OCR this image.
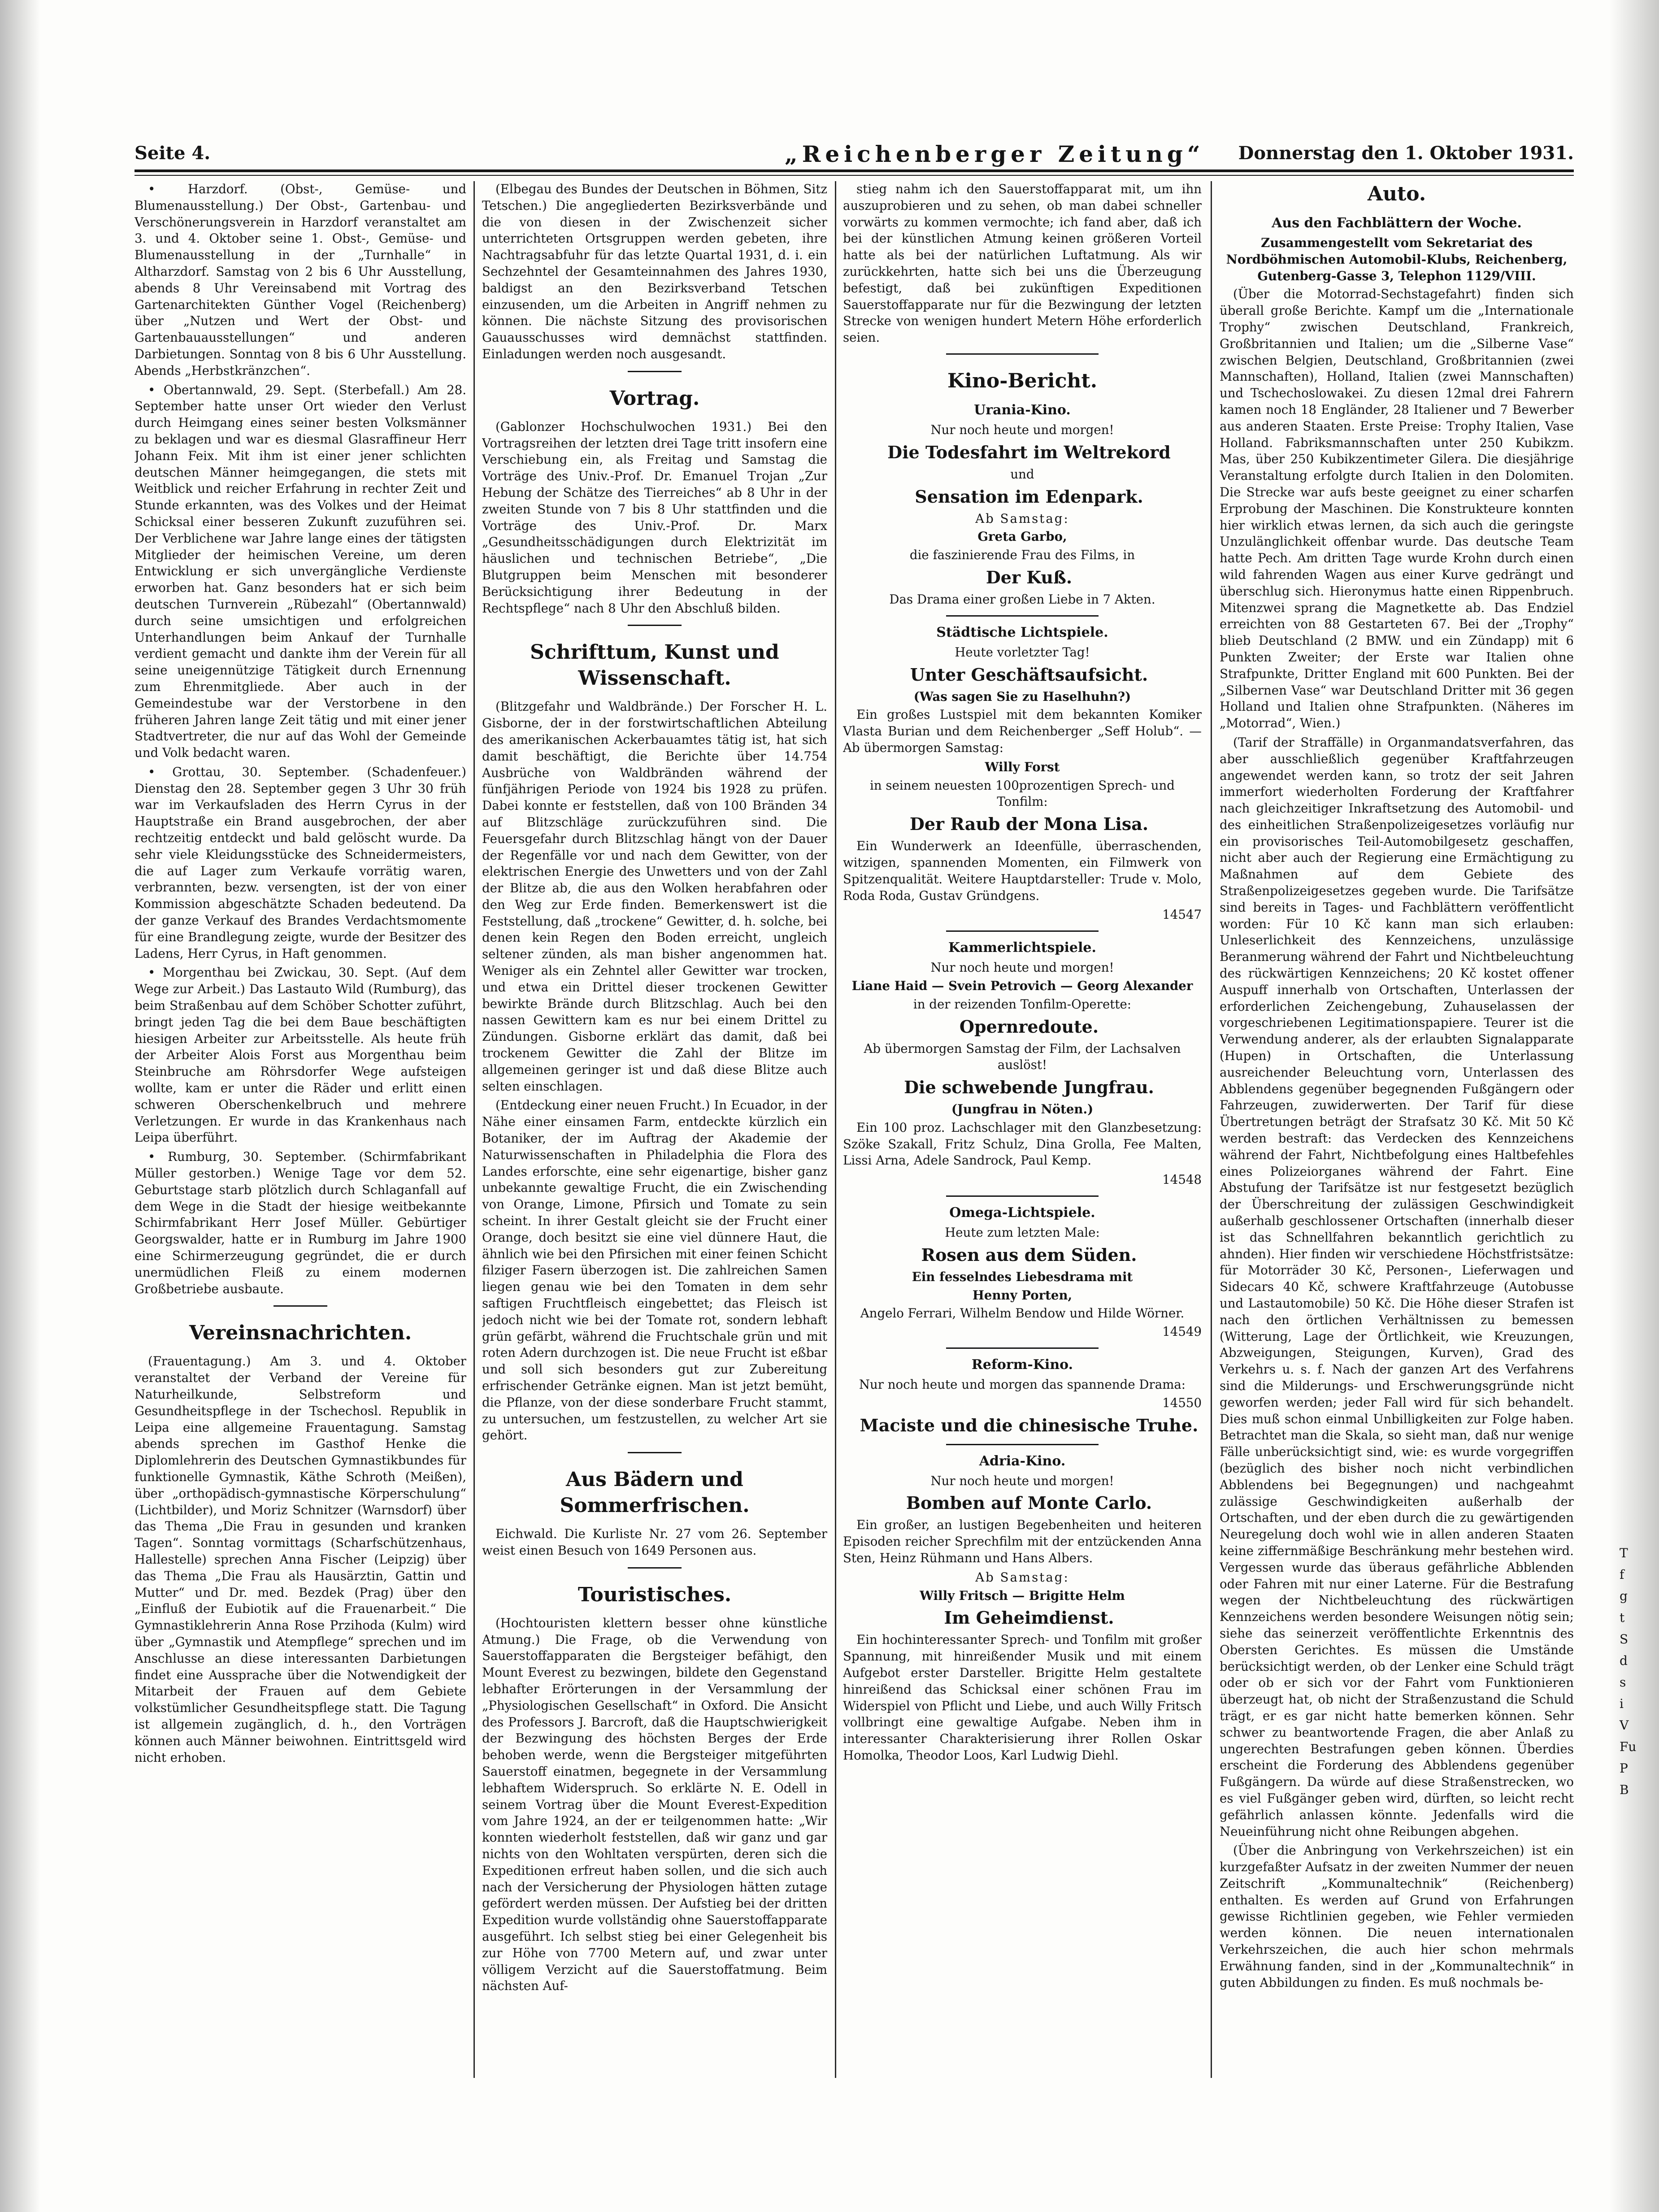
Seite 4.	„Reichenberger Zeitung“ Donnerstag den 1. Oktober 1931.

• Harzdorf. (Obst-, Gemüse- und Blumenausstellung.) Der Obst-, Gartenbau- und Verschönerungsverein in Harzdorf veranstaltet am 3. und 4. Oktober seine 1. Obst-, Gemüse- und Blumenausstellung in der „Turnhalle“ in Altharzdorf. Samstag von 2 bis 6 Uhr Ausstellung, abends 8 Uhr Vereinsabend mit Vortrag des Gartenarchitekten Günther Vogel (Reichenberg) über „Nutzen und Wert der Obst- und Gartenbauausstellungen“ und anderen Darbietungen. Sonntag von 8 bis 6 Uhr Ausstellung. Abends „Herbstkränzchen“.

• Obertannwald, 29. Sept. (Sterbefall.) Am 28. September hatte unser Ort wieder den Verlust durch Heimgang eines seiner besten Volksmänner zu beklagen und war es diesmal Glasraffineur Herr Johann Feix. Mit ihm ist einer jener schlichten deutschen Männer heimgegangen, die stets mit Weitblick und reicher Erfahrung in rechter Zeit und Stunde erkannten, was des Volkes und der Heimat Schicksal einer besseren Zukunft zuzuführen sei. Der Verblichene war Jahre lange eines der tätigsten Mitglieder der heimischen Vereine, um deren Entwicklung er sich unvergängliche Verdienste erworben hat. Ganz besonders hat er sich beim deutschen Turnverein „Rübezahl“ (Obertannwald) durch seine umsichtigen und erfolgreichen Unterhandlungen beim Ankauf der Turnhalle verdient gemacht und dankte ihm der Verein für all seine uneigennützige Tätigkeit durch Ernennung zum Ehrenmitgliede. Aber auch in der Gemeindestube war der Verstorbene in den früheren Jahren lange Zeit tätig und mit einer jener Stadtvertreter, die nur auf das Wohl der Gemeinde und Volk bedacht waren.

• Grottau, 30. September. (Schadenfeuer.) Dienstag den 28. September gegen 3 Uhr 30 früh war im Verkaufsladen des Herrn Cyrus in der Hauptstraße ein Brand ausgebrochen, der aber rechtzeitig entdeckt und bald gelöscht wurde. Da sehr viele Kleidungsstücke des Schneidermeisters, die auf Lager zum Verkaufe vorrätig waren, verbrannten, bezw. versengten, ist der von einer Kommission abgeschätzte Schaden bedeutend. Da der ganze Verkauf des Brandes Verdachtsmomente für eine Brandlegung zeigte, wurde der Besitzer des Ladens, Herr Cyrus, in Haft genommen.

• Morgenthau bei Zwickau, 30. Sept. (Auf dem Wege zur Arbeit.) Das Lastauto Wild (Rumburg), das beim Straßenbau auf dem Schöber Schotter zuführt, bringt jeden Tag die bei dem Baue beschäftigten hiesigen Arbeiter zur Arbeitsstelle. Als heute früh der Arbeiter Alois Forst aus Morgenthau beim Steinbruche am Röhrsdorfer Wege aufsteigen wollte, kam er unter die Räder und erlitt einen schweren Oberschenkelbruch und mehrere Verletzungen. Er wurde in das Krankenhaus nach Leipa überführt.

• Rumburg, 30. September. (Schirmfabrikant Müller gestorben.) Wenige Tage vor dem 52. Geburtstage starb plötzlich durch Schlaganfall auf dem Wege in die Stadt der hiesige weitbekannte Schirmfabrikant Herr Josef Müller. Gebürtiger Georgswalder, hatte er in Rumburg im Jahre 1900 eine Schirmerzeugung gegründet, die er durch unermüdlichen Fleiß zu einem modernen Großbetriebe ausbaute.

Vereinsnachrichten.

(Frauentagung.) Am 3. und 4. Oktober veranstaltet der Verband der Vereine für Naturheilkunde, Selbstreform und Gesundheitspflege in der Tschechosl. Republik in Leipa eine allgemeine Frauentagung. Samstag abends sprechen im Gasthof Henke die Diplomlehrerin des Deutschen Gymnastikbundes für funktionelle Gymnastik, Käthe Schroth (Meißen), über „orthopädisch-gymnastische Körperschulung“ (Lichtbilder), und Moriz Schnitzer (Warnsdorf) über das Thema „Die Frau in gesunden und kranken Tagen“. Sonntag vormittags (Scharfschützenhaus, Hallestelle) sprechen Anna Fischer (Leipzig) über das Thema „Die Frau als Hausärztin, Gattin und Mutter“ und Dr. med. Bezdek (Prag) über den „Einfluß der Eubiotik auf die Frauenarbeit.“ Die Gymnastiklehrerin Anna Rose Przihoda (Kulm) wird über „Gymnastik und Atempflege“ sprechen und im Anschlusse an diese interessanten Darbietungen findet eine Aussprache über die Notwendigkeit der Mitarbeit der Frauen auf dem Gebiete volkstümlicher Gesundheitspflege statt. Die Tagung ist allgemein zugänglich, d. h., den Vorträgen können auch Männer beiwohnen. Eintrittsgeld wird nicht erhoben.

(Elbegau des Bundes der Deutschen in Böhmen, Sitz Tetschen.) Die angegliederten Bezirksverbände und die von diesen in der Zwischenzeit sicher unterrichteten Ortsgruppen werden gebeten, ihre Nachtragsabfuhr für das letzte Quartal 1931, d. i. ein Sechzehntel der Gesamteinnahmen des Jahres 1930, baldigst an den Bezirksverband Tetschen einzusenden, um die Arbeiten in Angriff nehmen zu können. Die nächste Sitzung des provisorischen Gauausschusses wird demnächst stattfinden. Einladungen werden noch ausgesandt.

Vortrag.

(Gablonzer Hochschulwochen 1931.) Bei den Vortragsreihen der letzten drei Tage tritt insofern eine Verschiebung ein, als Freitag und Samstag die Vorträge des Univ.-Prof. Dr. Emanuel Trojan „Zur Hebung der Schätze des Tierreiches“ ab 8 Uhr in der zweiten Stunde von 7 bis 8 Uhr stattfinden und die Vorträge des Univ.-Prof. Dr. Marx „Gesundheitsschädigungen durch Elektrizität im häuslichen und technischen Betriebe“, „Die Blutgruppen beim Menschen mit besonderer Berücksichtigung ihrer Bedeutung in der Rechtspflege“ nach 8 Uhr den Abschluß bilden.

Schrifttum, Kunst und Wissenschaft.

(Blitzgefahr und Waldbrände.) Der Forscher H. L. Gisborne, der in der forstwirtschaftlichen Abteilung des amerikanischen Ackerbauamtes tätig ist, hat sich damit beschäftigt, die Berichte über 14.754 Ausbrüche von Waldbränden während der fünfjährigen Periode von 1924 bis 1928 zu prüfen. Dabei konnte er feststellen, daß von 100 Bränden 34 auf Blitzschläge zurückzuführen sind. Die Feuersgefahr durch Blitzschlag hängt von der Dauer der Regenfälle vor und nach dem Gewitter, von der elektrischen Energie des Unwetters und von der Zahl der Blitze ab, die aus den Wolken herabfahren oder den Weg zur Erde finden. Bemerkenswert ist die Feststellung, daß „trockene“ Gewitter, d. h. solche, bei denen kein Regen den Boden erreicht, ungleich seltener zünden, als man bisher angenommen hat. Weniger als ein Zehntel aller Gewitter war trocken, und etwa ein Drittel dieser trockenen Gewitter bewirkte Brände durch Blitzschlag. Auch bei den nassen Gewittern kam es nur bei einem Drittel zu Zündungen. Gisborne erklärt das damit, daß bei trockenem Gewitter die Zahl der Blitze im allgemeinen geringer ist und daß diese Blitze auch selten einschlagen.

(Entdeckung einer neuen Frucht.) In Ecuador, in der Nähe einer einsamen Farm, entdeckte kürzlich ein Botaniker, der im Auftrag der Akademie der Naturwissenschaften in Philadelphia die Flora des Landes erforschte, eine sehr eigenartige, bisher ganz unbekannte gewaltige Frucht, die ein Zwischending von Orange, Limone, Pfirsich und Tomate zu sein scheint. In ihrer Gestalt gleicht sie der Frucht einer Orange, doch besitzt sie eine viel dünnere Haut, die ähnlich wie bei den Pfirsichen mit einer feinen Schicht filziger Fasern überzogen ist. Die zahlreichen Samen liegen genau wie bei den Tomaten in dem sehr saftigen Fruchtfleisch eingebettet; das Fleisch ist jedoch nicht wie bei der Tomate rot, sondern lebhaft grün gefärbt, während die Fruchtschale grün und mit roten Adern durchzogen ist. Die neue Frucht ist eßbar und soll sich besonders gut zur Zubereitung erfrischender Getränke eignen. Man ist jetzt bemüht, die Pflanze, von der diese sonderbare Frucht stammt, zu untersuchen, um festzustellen, zu welcher Art sie gehört.

Aus Bädern und Sommerfrischen.

Eichwald. Die Kurliste Nr. 27 vom 26. September weist einen Besuch von 1649 Personen aus.

Touristisches.

(Hochtouristen klettern besser ohne künstliche Atmung.) Die Frage, ob die Verwendung von Sauerstoffapparaten die Bergsteiger befähigt, den Mount Everest zu bezwingen, bildete den Gegenstand lebhafter Erörterungen in der Versammlung der „Physiologischen Gesellschaft“ in Oxford. Die Ansicht des Professors J. Barcroft, daß die Hauptschwierigkeit der Bezwingung des höchsten Berges der Erde behoben werde, wenn die Bergsteiger mitgeführten Sauerstoff einatmen, begegnete in der Versammlung lebhaftem Widerspruch. So erklärte N. E. Odell in seinem Vortrag über die Mount Everest-Expedition vom Jahre 1924, an der er teilgenommen hatte: „Wir konnten wiederholt feststellen, daß wir ganz und gar nichts von den Wohltaten verspürten, deren sich die Expeditionen erfreut haben sollen, und die sich auch nach der Versicherung der Physiologen hätten zutage gefördert werden müssen. Der Aufstieg bei der dritten Expedition wurde vollständig ohne Sauerstoffapparate ausgeführt. Ich selbst stieg bei einer Gelegenheit bis zur Höhe von 7700 Metern auf, und zwar unter völligem Verzicht auf die Sauerstoffatmung. Beim nächsten Auf-

stieg nahm ich den Sauerstoffapparat mit, um ihn auszuprobieren und zu sehen, ob man dabei schneller vorwärts zu kommen vermochte; ich fand aber, daß ich bei der künstlichen Atmung keinen größeren Vorteil hatte als bei der natürlichen Luftatmung. Als wir zurückkehrten, hatte sich bei uns die Überzeugung befestigt, daß bei zukünftigen Expeditionen Sauerstoffapparate nur für die Bezwingung der letzten Strecke von wenigen hundert Metern Höhe erforderlich seien.

Kino-Bericht.
Urania-Kino.

Nur noch heute und morgen!

Die Todesfahrt im Weltrekord

und

Sensation im Edenpark.

Ab Samstag:

Greta Garbo,

die faszinierende Frau des Films, in

Der Kuß.

Das Drama einer großen Liebe in 7 Akten.

Städtische Lichtspiele.

Heute vorletzter Tag!

Unter Geschäftsaufsicht.

(Was sagen Sie zu Haselhuhn?)

Ein großes Lustspiel mit dem bekannten Komiker Vlasta Burian und dem Reichenberger „Seff Holub“. — Ab übermorgen Samstag:

Willy Forst

in seinem neuesten 100prozentigen Sprech- und Tonfilm:

Der Raub der Mona Lisa.

Ein Wunderwerk an Ideenfülle, überraschenden, witzigen, spannenden Momenten, ein Filmwerk von Spitzenqualität. Weitere Hauptdarsteller: Trude v. Molo, Roda Roda, Gustav Gründgens.

14547
Kammerlichtspiele.

Nur noch heute und morgen!

Liane Haid — Svein Petrovich — Georg Alexander

in der reizenden Tonfilm-Operette:

Opernredoute.

Ab übermorgen Samstag der Film, der Lachsalven auslöst!

Die schwebende Jungfrau.

(Jungfrau in Nöten.)

Ein 100 proz. Lachschlager mit den Glanzbesetzung: Szöke Szakall, Fritz Schulz, Dina Grolla, Fee Malten, Lissi Arna, Adele Sandrock, Paul Kemp.

14548
Omega-Lichtspiele.

Heute zum letzten Male:

Rosen aus dem Süden.

Ein fesselndes Liebesdrama mit

Henny Porten,

Angelo Ferrari, Wilhelm Bendow und Hilde Wörner.

14549
Reform-Kino.

Nur noch heute und morgen das spannende Drama:

14550

Maciste und die chinesische Truhe.

Adria-Kino.

Nur noch heute und morgen!

Bomben auf Monte Carlo.

Ein großer, an lustigen Begebenheiten und heiteren Episoden reicher Sprechfilm mit der entzückenden Anna Sten, Heinz Rühmann und Hans Albers.

Ab Samstag:

Willy Fritsch — Brigitte Helm

Im Geheimdienst.

Ein hochinteressanter Sprech- und Tonfilm mit großer Spannung, mit hinreißender Musik und mit einem Aufgebot erster Darsteller. Brigitte Helm gestaltete hinreißend das Schicksal einer schönen Frau im Widerspiel von Pflicht und Liebe, und auch Willy Fritsch vollbringt eine gewaltige Aufgabe. Neben ihm in interessanter Charakterisierung ihrer Rollen Oskar Homolka, Theodor Loos, Karl Ludwig Diehl.

Auto.
Aus den Fachblättern der Woche.

Zusammengestellt vom Sekretariat des Nordböhmischen Automobil-Klubs, Reichenberg, Gutenberg-Gasse 3, Telephon 1129/VIII.

(Über die Motorrad-Sechstagefahrt) finden sich überall große Berichte. Kampf um die „Internationale Trophy“ zwischen Deutschland, Frankreich, Großbritannien und Italien; um die „Silberne Vase“ zwischen Belgien, Deutschland, Großbritannien (zwei Mannschaften), Holland, Italien (zwei Mannschaften) und Tschechoslowakei. Zu diesen 12mal drei Fahrern kamen noch 18 Engländer, 28 Italiener und 7 Bewerber aus anderen Staaten. Erste Preise: Trophy Italien, Vase Holland. Fabriksmannschaften unter 250 Kubikzm. Mas, über 250 Kubikzentimeter Gilera. Die diesjährige Veranstaltung erfolgte durch Italien in den Dolomiten. Die Strecke war aufs beste geeignet zu einer scharfen Erprobung der Maschinen. Die Konstrukteure konnten hier wirklich etwas lernen, da sich auch die geringste Unzulänglichkeit offenbar wurde. Das deutsche Team hatte Pech. Am dritten Tage wurde Krohn durch einen wild fahrenden Wagen aus einer Kurve gedrängt und überschlug sich. Hieronymus hatte einen Rippenbruch. Mitenzwei sprang die Magnetkette ab. Das Endziel erreichten von 88 Gestarteten 67. Bei der „Trophy“ blieb Deutschland (2 BMW. und ein Zündapp) mit 6 Punkten Zweiter; der Erste war Italien ohne Strafpunkte, Dritter England mit 600 Punkten. Bei der „Silbernen Vase“ war Deutschland Dritter mit 36 gegen Holland und Italien ohne Strafpunkten. (Näheres im „Motorrad“, Wien.)

(Tarif der Straffälle) in Organmandatsverfahren, das aber ausschließlich gegenüber Kraftfahrzeugen angewendet werden kann, so trotz der seit Jahren immerfort wiederholten Forderung der Kraftfahrer nach gleichzeitiger Inkraftsetzung des Automobil- und des einheitlichen Straßenpolizeigesetzes vorläufig nur ein provisorisches Teil-Automobilgesetz geschaffen, nicht aber auch der Regierung eine Ermächtigung zu Maßnahmen auf dem Gebiete des Straßenpolizeigesetzes gegeben wurde. Die Tarifsätze sind bereits in Tages- und Fachblättern veröffentlicht worden: Für 10 Kč kann man sich erlauben: Unleserlichkeit des Kennzeichens, unzulässige Beranmerung während der Fahrt und Nichtbeleuchtung des rückwärtigen Kennzeichens; 20 Kč kostet offener Auspuff innerhalb von Ortschaften, Unterlassen der erforderlichen Zeichengebung, Zuhauselassen der vorgeschriebenen Legitimationspapiere. Teurer ist die Verwendung anderer, als der erlaubten Signalapparate (Hupen) in Ortschaften, die Unterlassung ausreichender Beleuchtung vorn, Unterlassen des Abblendens gegenüber begegnenden Fußgängern oder Fahrzeugen, zuwiderwerten. Der Tarif für diese Übertretungen beträgt der Strafsatz 30 Kč. Mit 50 Kč werden bestraft: das Verdecken des Kennzeichens während der Fahrt, Nichtbefolgung eines Haltbefehles eines Polizeiorganes während der Fahrt. Eine Abstufung der Tarifsätze ist nur festgesetzt bezüglich der Überschreitung der zulässigen Geschwindigkeit außerhalb geschlossener Ortschaften (innerhalb dieser ist das Schnellfahren bekanntlich gerichtlich zu ahnden). Hier finden wir verschiedene Höchstfristsätze: für Motorräder 30 Kč, Personen-, Lieferwagen und Sidecars 40 Kč, schwere Kraftfahrzeuge (Autobusse und Lastautomobile) 50 Kč. Die Höhe dieser Strafen ist nach den örtlichen Verhältnissen zu bemessen (Witterung, Lage der Örtlichkeit, wie Kreuzungen, Abzweigungen, Steigungen, Kurven), Grad des Verkehrs u. s. f. Nach der ganzen Art des Verfahrens sind die Milderungs- und Erschwerungsgründe nicht geworfen werden; jeder Fall wird für sich behandelt. Dies muß schon einmal Unbilligkeiten zur Folge haben. Betrachtet man die Skala, so sieht man, daß nur wenige Fälle unberücksichtigt sind, wie: es wurde vorgegriffen (bezüglich des bisher noch nicht verbindlichen Abblendens bei Begegnungen) und nachgeahmt zulässige Geschwindigkeiten außerhalb der Ortschaften, und der eben durch die zu gewärtigenden Neuregelung doch wohl wie in allen anderen Staaten keine ziffernmäßige Beschränkung mehr bestehen wird. Vergessen wurde das überaus gefährliche Abblenden oder Fahren mit nur einer Laterne. Für die Bestrafung wegen der Nichtbeleuchtung des rückwärtigen Kennzeichens werden besondere Weisungen nötig sein; siehe das seinerzeit veröffentlichte Erkenntnis des Obersten Gerichtes. Es müssen die Umstände berücksichtigt werden, ob der Lenker eine Schuld trägt oder ob er sich vor der Fahrt vom Funktionieren überzeugt hat, ob nicht der Straßenzustand die Schuld trägt, er es gar nicht hatte bemerken können. Sehr schwer zu beantwortende Fragen, die aber Anlaß zu ungerechten Bestrafungen geben können. Überdies erscheint die Forderung des Abblendens gegenüber Fußgängern. Da würde auf diese Straßenstrecken, wo es viel Fußgänger geben wird, dürften, so leicht recht gefährlich anlassen könnte. Jedenfalls wird die Neueinführung nicht ohne Reibungen abgehen.

(Über die Anbringung von Verkehrszeichen) ist ein kurzgefaßter Aufsatz in der zweiten Nummer der neuen Zeitschrift „Kommunaltechnik“ (Reichenberg) enthalten. Es werden auf Grund von Erfahrungen gewisse Richtlinien gegeben, wie Fehler vermieden werden können. Die neuen internationalen Verkehrszeichen, die auch hier schon mehrmals Erwähnung fanden, sind in der „Kommunaltechnik“ in guten Abbildungen zu finden. Es muß nochmals be-

T
f
g
t
S
d
s
i
V
Fu
P
B
